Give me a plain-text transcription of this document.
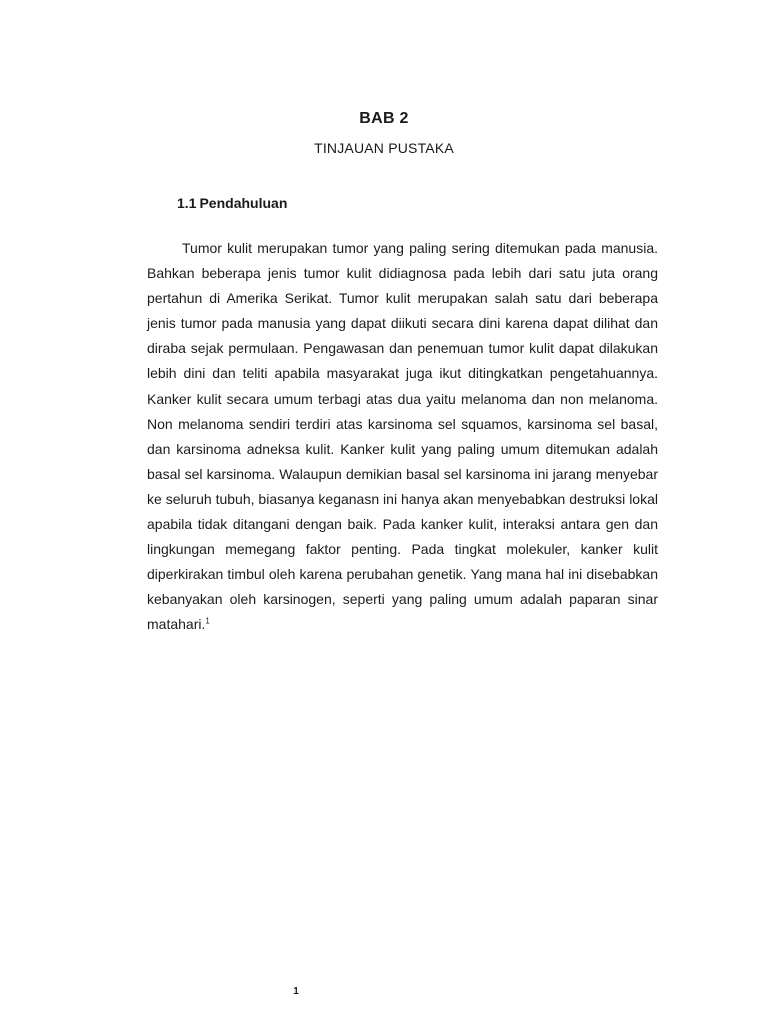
BAB 2
TINJAUAN PUSTAKA
1.1 Pendahuluan

Tumor kulit merupakan tumor yang paling sering ditemukan pada manusia. Bahkan beberapa jenis tumor kulit didiagnosa pada lebih dari satu juta orang pertahun di Amerika Serikat. Tumor kulit merupakan salah satu dari beberapa jenis tumor pada manusia yang dapat diikuti secara dini karena dapat dilihat dan diraba sejak permulaan. Pengawasan dan penemuan tumor kulit dapat dilakukan lebih dini dan teliti apabila masyarakat juga ikut ditingkatkan pengetahuannya. Kanker kulit secara umum terbagi atas dua yaitu melanoma dan non melanoma. Non melanoma sendiri terdiri atas karsinoma sel squamos, karsinoma sel basal, dan karsinoma adneksa kulit. Kanker kulit yang paling umum ditemukan adalah basal sel karsinoma. Walaupun demikian basal sel karsinoma ini jarang menyebar ke seluruh tubuh, biasanya keganasn ini hanya akan menyebabkan destruksi lokal apabila tidak ditangani dengan baik. Pada kanker kulit, interaksi antara gen dan lingkungan memegang faktor penting. Pada tingkat molekuler, kanker kulit diperkirakan timbul oleh karena perubahan genetik. Yang mana hal ini disebabkan kebanyakan oleh karsinogen, seperti yang paling umum adalah paparan sinar matahari.$^1$

1
